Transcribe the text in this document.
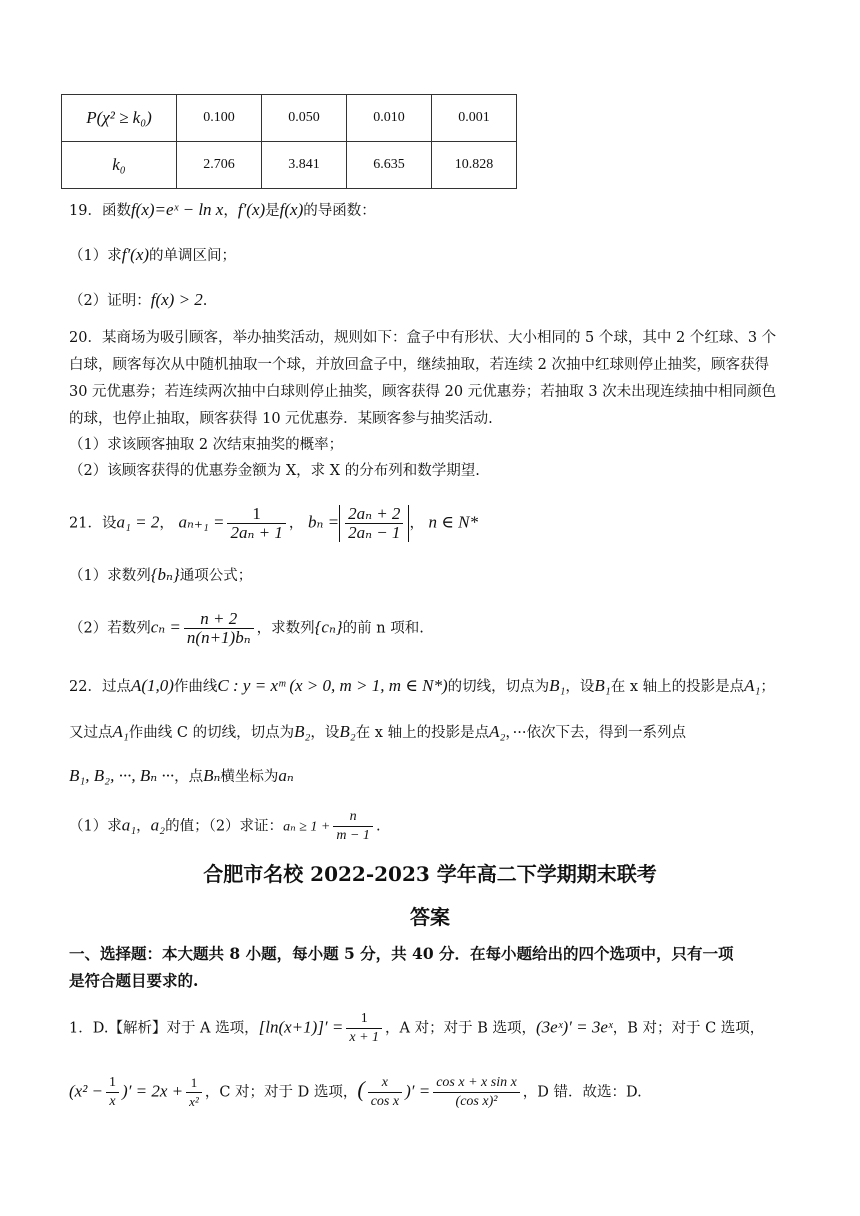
P(χ² ≥ k₀)	0.100	0.050	0.010	0.001
k₀	2.706	3.841	6.635	10.828
19．函数f(x)=eˣ − ln x，f′(x)是f(x)的导函数：
（1）求f′(x)的单调区间；
（2）证明：f(x) > 2.
20．某商场为吸引顾客，举办抽奖活动，规则如下：盒子中有形状、大小相同的 5 个球，其中 2 个红球、3 个
白球，顾客每次从中随机抽取一个球，并放回盒子中，继续抽取，若连续 2 次抽中红球则停止抽奖，顾客获得
30 元优惠券；若连续两次抽中白球则停止抽奖，顾客获得 20 元优惠券；若抽取 3 次未出现连续抽中相同颜色
的球，也停止抽取，顾客获得 10 元优惠券．某顾客参与抽奖活动.
（1）求该顾客抽取 2 次结束抽奖的概率；
（2）该顾客获得的优惠券金额为 X，求 X 的分布列和数学期望.
21．设a₁ = 2， $a_{n+1} = \frac{1}{\text{2aₙ + 1}}$ ， $b_n = \frac{\text{2aₙ + 2}}{\text{2aₙ − 1}}$ ， n ∈ N*
（1）求数列{bₙ}通项公式；
（2）若数列$c_n = \frac{n + 2}{\text{n(n+1)bₙ}}$ ，求数列{cₙ}的前 n 项和.
22．过点A(1,0)作曲线C : y = xᵐ (x > 0, m > 1, m ∈ N*)的切线，切点为B₁，设B₁在 x 轴上的投影是点A₁；
又过点A₁作曲线 C 的切线，切点为B₂，设B₂在 x 轴上的投影是点A₂，···依次下去，得到一系列点
B₁, B₂, ···, Bₙ ···，点Bₙ横坐标为aₙ
（1）求a₁，a₂的值；（2）求证：$a_n \ge 1 + \frac{n}{m - 1}$ .
合肥市名校 2022-2023 学年高二下学期期末联考
答案
一、选择题：本大题共 8 小题，每小题 5 分，共 40 分．在每小题给出的四个选项中，只有一项
是符合题目要求的.
1．D.【解析】对于 A 选项，$[\ln(x+1)]' = \frac{1}{x + 1}$ ，A 对；对于 B 选项，(3eˣ)′ = 3eˣ，B 对；对于 C 选项，
($x^2 - \frac{1}{x}$ )′ = $2x + \frac{1}{\text{x²}}$ ，C 对；对于 D 选项，( $\frac{x}{\text{cos x}}$ )′ = $\frac{\text{cos x + x sin x}}{\text{(cos x)²}}$ ，D 错．故选：D.
